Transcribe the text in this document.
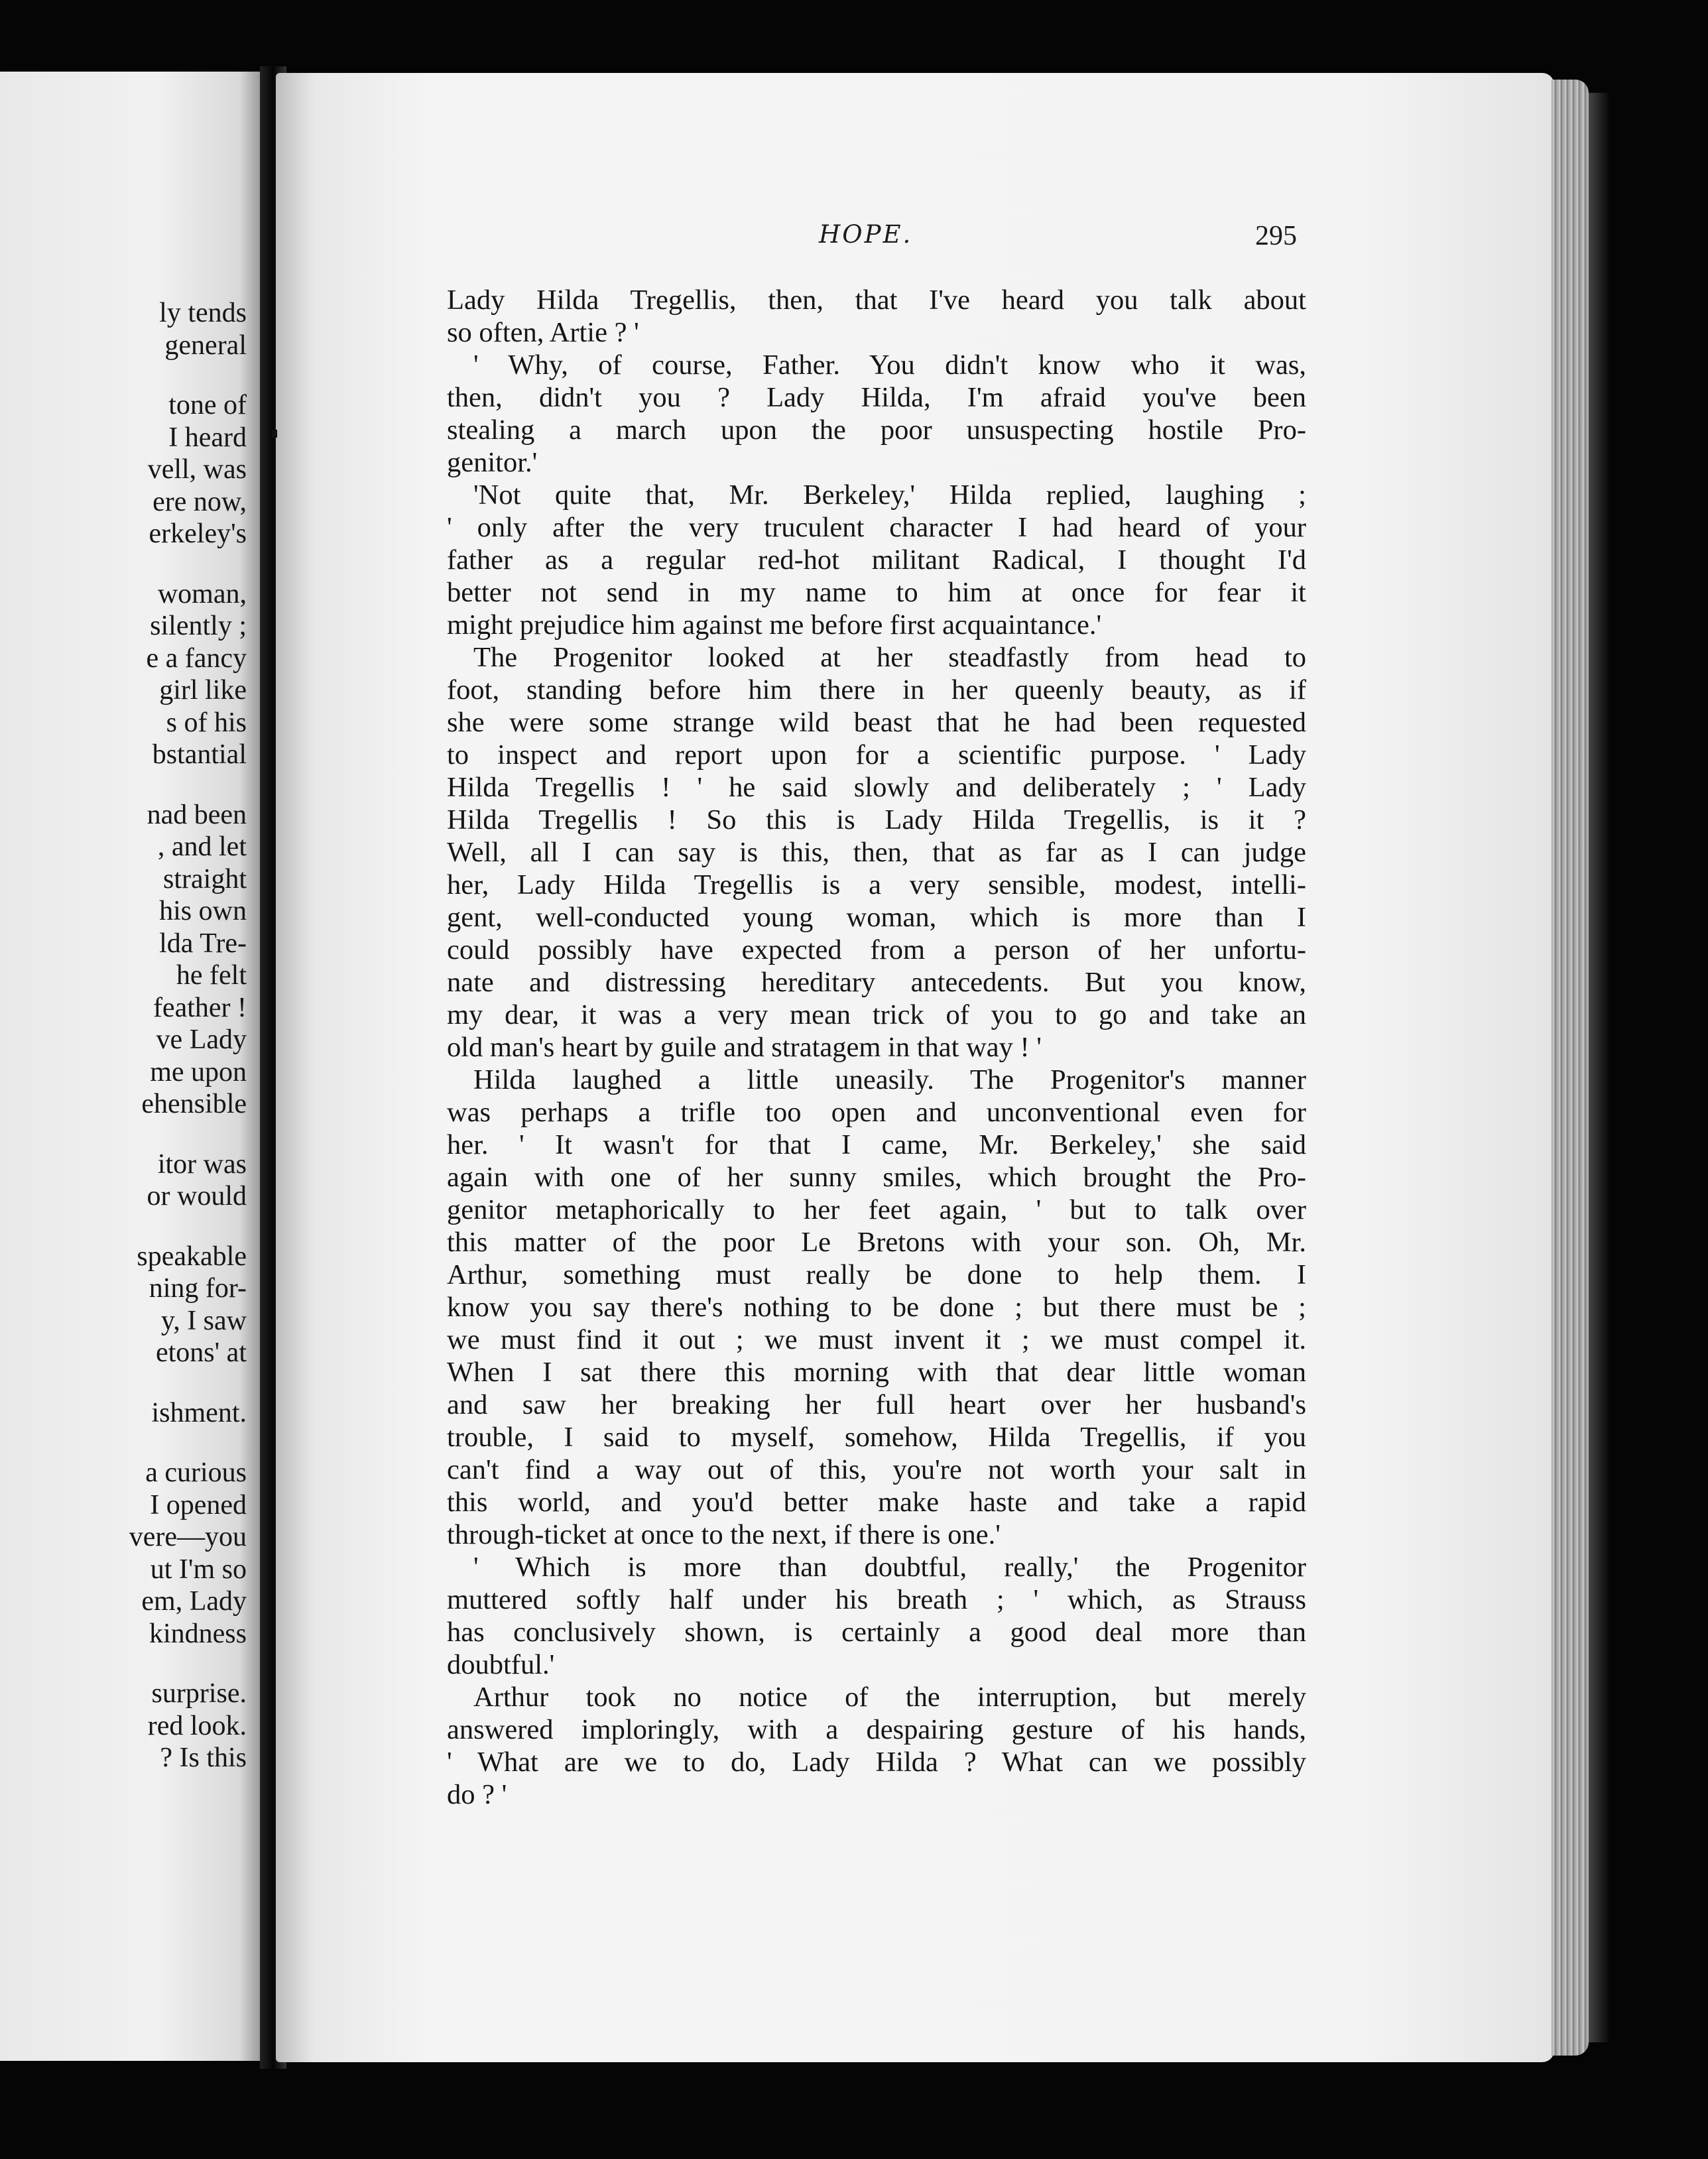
ly tends
general
tone of
I heard
vell, was
ere now,
erkeley's
woman,
silently ;
e a fancy
girl like
s of his
bstantial
nad been
, and let
straight
his own
lda Tre-
he felt
feather !
ve Lady
me upon
ehensible
itor was
or would
speakable
ning for-
y, I saw
etons' at
ishment.
a curious
I opened
vere—you
ut I'm so
em, Lady
kindness
surprise.
red look.
? Is this
HOPE.	295
Lady Hilda Tregellis, then, that I've heard you talk about
so often, Artie ? '
' Why, of course, Father. You didn't know who it was,
then, didn't you ? Lady Hilda, I'm afraid you've been
stealing a march upon the poor unsuspecting hostile Pro-
genitor.'
'Not quite that, Mr. Berkeley,' Hilda replied, laughing ;
' only after the very truculent character I had heard of your
father as a regular red-hot militant Radical, I thought I'd
better not send in my name to him at once for fear it
might prejudice him against me before first acquaintance.'
The Progenitor looked at her steadfastly from head to
foot, standing before him there in her queenly beauty, as if
she were some strange wild beast that he had been requested
to inspect and report upon for a scientific purpose. ' Lady
Hilda Tregellis ! ' he said slowly and deliberately ; ' Lady
Hilda Tregellis ! So this is Lady Hilda Tregellis, is it ?
Well, all I can say is this, then, that as far as I can judge
her, Lady Hilda Tregellis is a very sensible, modest, intelli-
gent, well-conducted young woman, which is more than I
could possibly have expected from a person of her unfortu-
nate and distressing hereditary antecedents. But you know,
my dear, it was a very mean trick of you to go and take an
old man's heart by guile and stratagem in that way ! '
Hilda laughed a little uneasily. The Progenitor's manner
was perhaps a trifle too open and unconventional even for
her. ' It wasn't for that I came, Mr. Berkeley,' she said
again with one of her sunny smiles, which brought the Pro-
genitor metaphorically to her feet again, ' but to talk over
this matter of the poor Le Bretons with your son. Oh, Mr.
Arthur, something must really be done to help them. I
know you say there's nothing to be done ; but there must be ;
we must find it out ; we must invent it ; we must compel it.
When I sat there this morning with that dear little woman
and saw her breaking her full heart over her husband's
trouble, I said to myself, somehow, Hilda Tregellis, if you
can't find a way out of this, you're not worth your salt in
this world, and you'd better make haste and take a rapid
through-ticket at once to the next, if there is one.'
' Which is more than doubtful, really,' the Progenitor
muttered softly half under his breath ; ' which, as Strauss
has conclusively shown, is certainly a good deal more than
doubtful.'
Arthur took no notice of the interruption, but merely
answered imploringly, with a despairing gesture of his hands,
' What are we to do, Lady Hilda ? What can we possibly
do ? '
